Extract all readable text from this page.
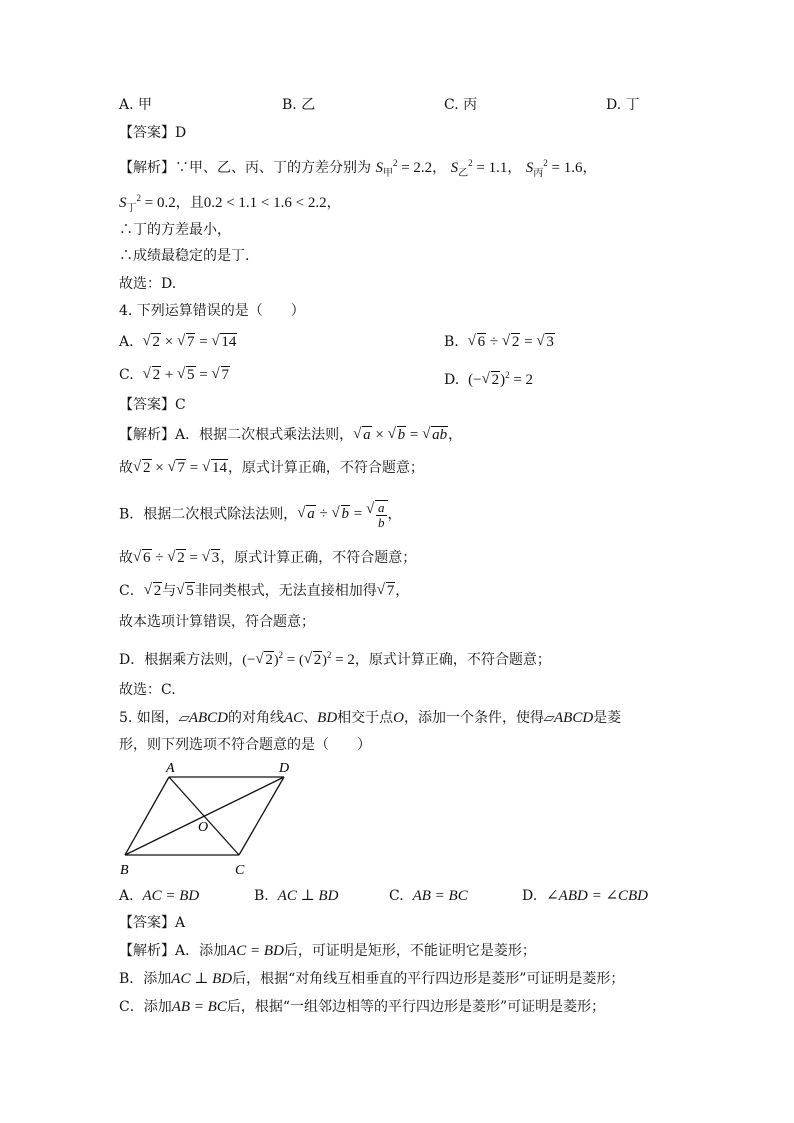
A. 甲	B. 乙	C. 丙	D. 丁
【答案】D
【解析】∵甲、乙、丙、丁的方差分别为 $S_甲^2 = 2.2$， $S_乙^2 = 1.1$， $S_丙^2 = 1.6$，
$S_丁^2 = 0.2$，且0.2 < 1.1 < 1.6 < 2.2，
∴丁的方差最小，
∴成绩最稳定的是丁.
故选：D.
4. 下列运算错误的是（　　）
A. √ 2 × √ 7 = √ 14	B. √ 6 ÷ √ 2 = √ 3
C. √ 2 + √ 5 = √ 7	D. (− √ 2)$^2$ = 2
【答案】C
【解析】A．根据二次根式乘法法则， √ a × √ b = √ ab，
故 √ 2 × √ 7 = √ 14，原式计算正确，不符合题意；
B．根据二次根式除法法则， √ a ÷ √ b = √ $\frac{a}{b}$ ，
故 √ 6 ÷ √ 2 = √ 3，原式计算正确，不符合题意；
C． √ 2与 √ 5非同类根式，无法直接相加得 √ 7，
故本选项计算错误，符合题意；
D．根据乘方法则，(− √ 2)$^2$ = ( √ 2)$^2$ = 2，原式计算正确，不符合题意；
故选：C.
5. 如图，▱ABCD的对角线AC、BD相交于点O，添加一个条件，使得▱ABCD是菱
形，则下列选项不符合题意的是（　　）
A	D
O
B	C
A. AC = BD	B. AC ⊥ BD	C. AB = BC	D. ∠ABD = ∠CBD
【答案】A
【解析】A．添加AC = BD后，可证明是矩形，不能证明它是菱形；
B．添加AC ⊥ BD后，根据“对角线互相垂直的平行四边形是菱形”可证明是菱形；
C．添加AB = BC后，根据“一组邻边相等的平行四边形是菱形”可证明是菱形；
